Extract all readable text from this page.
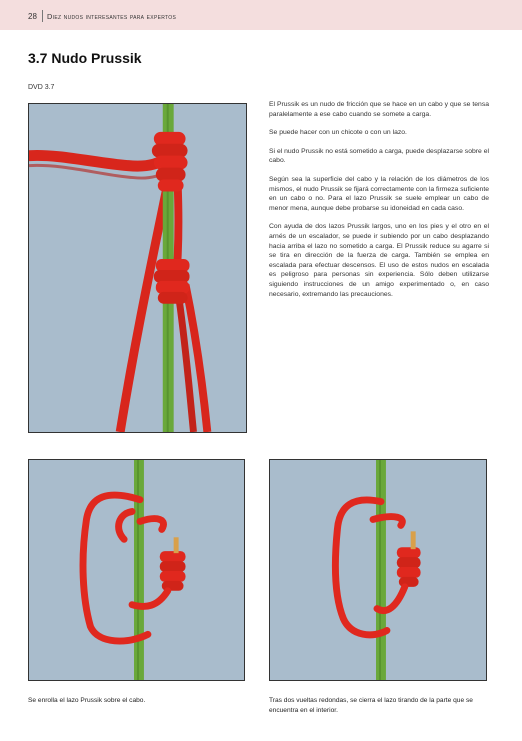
28 Diez nudos interesantes para expertos
3.7 Nudo Prussik
DVD 3.7

El Prussik es un nudo de fricción que se hace en un cabo y que se tensa paralelamente a ese cabo cuando se somete a carga.

Se puede hacer con un chicote o con un lazo.

Si el nudo Prussik no está sometido a carga, puede desplazarse sobre el cabo.

Según sea la superficie del cabo y la relación de los diámetros de los mismos, el nudo Prussik se fijará correctamente con la firmeza suficiente en un cabo o no. Para el lazo Prussik se suele emplear un cabo de menor mena, aunque debe probarse su idoneidad en cada caso.

Con ayuda de dos lazos Prussik largos, uno en los pies y el otro en el arnés de un escalador, se puede ir subiendo por un cabo desplazando hacia arriba el lazo no sometido a carga. El Prussik reduce su agarre si se tira en dirección de la fuerza de carga. También se emplea en escalada para efectuar descensos. El uso de estos nudos en escalada es peligroso para personas sin experiencia. Sólo deben utilizarse siguiendo instrucciones de un amigo experimentado o, en caso necesario, extremando las precauciones.

Se enrolla el lazo Prussik sobre el cabo.	Tras dos vueltas redondas, se cierra el lazo tirando de la parte que se encuentra en el interior.
